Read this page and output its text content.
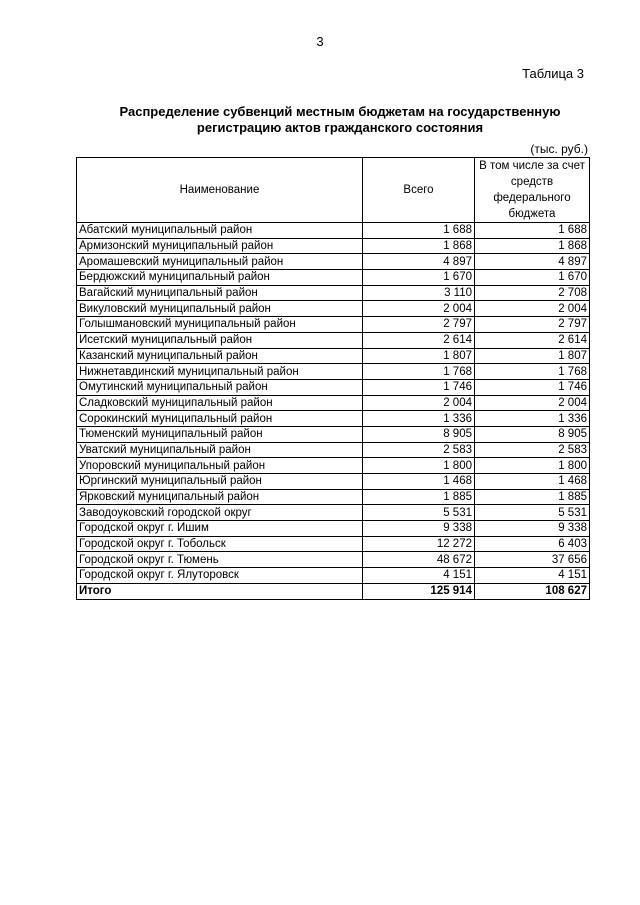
3
Таблица 3
Распределение субвенций местным бюджетам на государственную
регистрацию актов гражданского состояния
(тыс. руб.)
Наименование	Всего	В том числе за счет средств федерального бюджета
Абатский муниципальный район	1 688	1 688
Армизонский муниципальный район	1 868	1 868
Аромашевский муниципальный район	4 897	4 897
Бердюжский муниципальный район	1 670	1 670
Вагайский муниципальный район	3 110	2 708
Викуловский муниципальный район	2 004	2 004
Голышмановский муниципальный район	2 797	2 797
Исетский муниципальный район	2 614	2 614
Казанский муниципальный район	1 807	1 807
Нижнетавдинский муниципальный район	1 768	1 768
Омутинский муниципальный район	1 746	1 746
Сладковский муниципальный район	2 004	2 004
Сорокинский муниципальный район	1 336	1 336
Тюменский муниципальный район	8 905	8 905
Уватский муниципальный район	2 583	2 583
Упоровский муниципальный район	1 800	1 800
Юргинский муниципальный район	1 468	1 468
Ярковский муниципальный район	1 885	1 885
Заводоуковский городской округ	5 531	5 531
Городской округ г. Ишим	9 338	9 338
Городской округ г. Тобольск	12 272	6 403
Городской округ г. Тюмень	48 672	37 656
Городской округ г. Ялуторовск	4 151	4 151
Итого	125 914	108 627
